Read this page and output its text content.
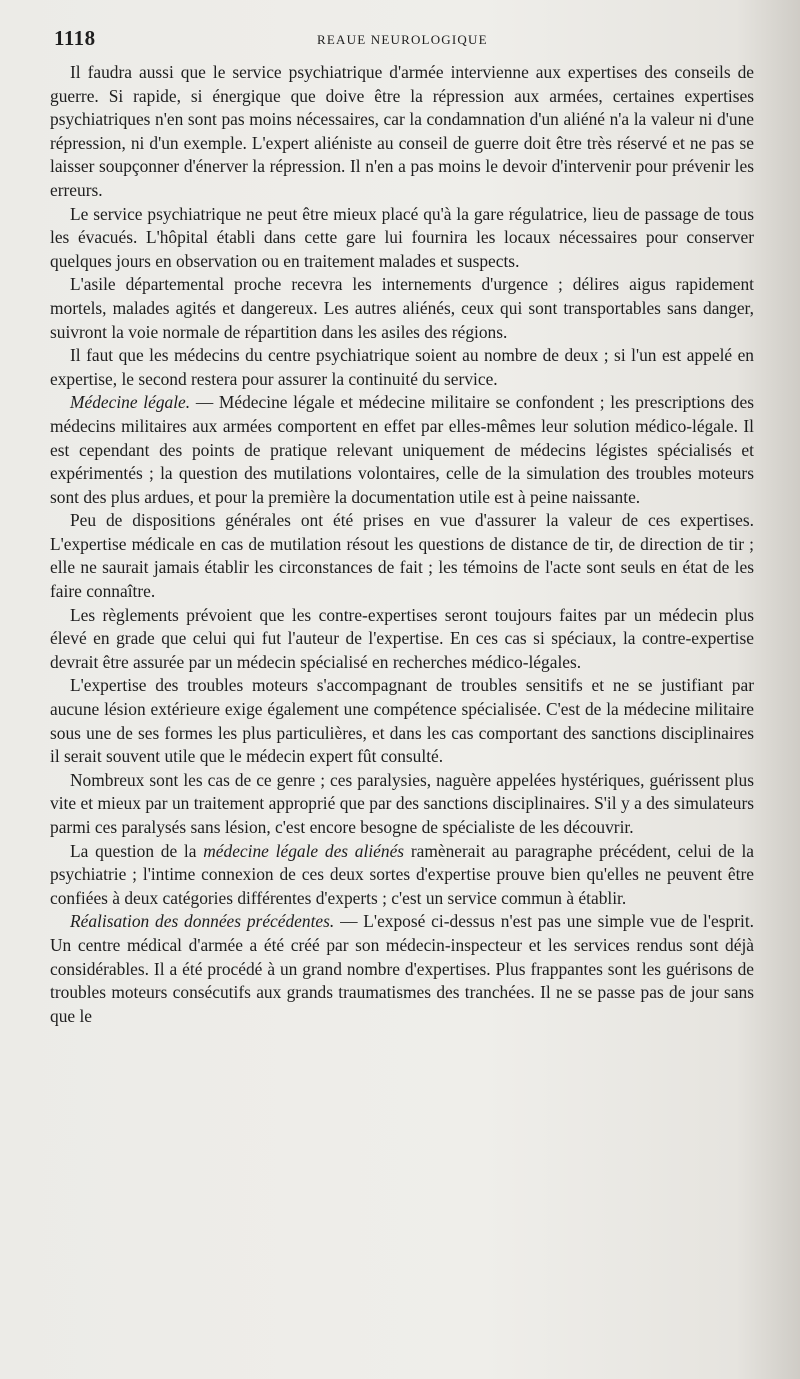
1118	REAUE NEUROLOGIQUE

Il faudra aussi que le service psychiatrique d'armée intervienne aux expertises des conseils de guerre. Si rapide, si énergique que doive être la répression aux armées, certaines expertises psychiatriques n'en sont pas moins nécessaires, car la condamnation d'un aliéné n'a la valeur ni d'une répression, ni d'un exemple. L'expert aliéniste au conseil de guerre doit être très réservé et ne pas se laisser soupçonner d'énerver la répression. Il n'en a pas moins le devoir d'intervenir pour prévenir les erreurs.

Le service psychiatrique ne peut être mieux placé qu'à la gare régulatrice, lieu de passage de tous les évacués. L'hôpital établi dans cette gare lui fournira les locaux nécessaires pour conserver quelques jours en observation ou en traitement malades et suspects.

L'asile départemental proche recevra les internements d'urgence ; délires aigus rapidement mortels, malades agités et dangereux. Les autres aliénés, ceux qui sont transportables sans danger, suivront la voie normale de répartition dans les asiles des régions.

Il faut que les médecins du centre psychiatrique soient au nombre de deux ; si l'un est appelé en expertise, le second restera pour assurer la continuité du service.

Médecine légale. — Médecine légale et médecine militaire se confondent ; les prescriptions des médecins militaires aux armées comportent en effet par elles-mêmes leur solution médico-légale. Il est cependant des points de pratique relevant uniquement de médecins légistes spécialisés et expérimentés ; la question des mutilations volontaires, celle de la simulation des troubles moteurs sont des plus ardues, et pour la première la documentation utile est à peine naissante.

Peu de dispositions générales ont été prises en vue d'assurer la valeur de ces expertises. L'expertise médicale en cas de mutilation résout les questions de distance de tir, de direction de tir ; elle ne saurait jamais établir les circonstances de fait ; les témoins de l'acte sont seuls en état de les faire connaître.

Les règlements prévoient que les contre-expertises seront toujours faites par un médecin plus élevé en grade que celui qui fut l'auteur de l'expertise. En ces cas si spéciaux, la contre-expertise devrait être assurée par un médecin spécialisé en recherches médico-légales.

L'expertise des troubles moteurs s'accompagnant de troubles sensitifs et ne se justifiant par aucune lésion extérieure exige également une compétence spécialisée. C'est de la médecine militaire sous une de ses formes les plus particulières, et dans les cas comportant des sanctions disciplinaires il serait souvent utile que le médecin expert fût consulté.

Nombreux sont les cas de ce genre ; ces paralysies, naguère appelées hystériques, guérissent plus vite et mieux par un traitement approprié que par des sanctions disciplinaires. S'il y a des simulateurs parmi ces paralysés sans lésion, c'est encore besogne de spécialiste de les découvrir.

La question de la médecine légale des aliénés ramènerait au paragraphe précédent, celui de la psychiatrie ; l'intime connexion de ces deux sortes d'expertise prouve bien qu'elles ne peuvent être confiées à deux catégories différentes d'experts ; c'est un service commun à établir.

Réalisation des données précédentes. — L'exposé ci-dessus n'est pas une simple vue de l'esprit. Un centre médical d'armée a été créé par son médecin-inspecteur et les services rendus sont déjà considérables. Il a été procédé à un grand nombre d'expertises. Plus frappantes sont les guérisons de troubles moteurs consécutifs aux grands traumatismes des tranchées. Il ne se passe pas de jour sans que le
